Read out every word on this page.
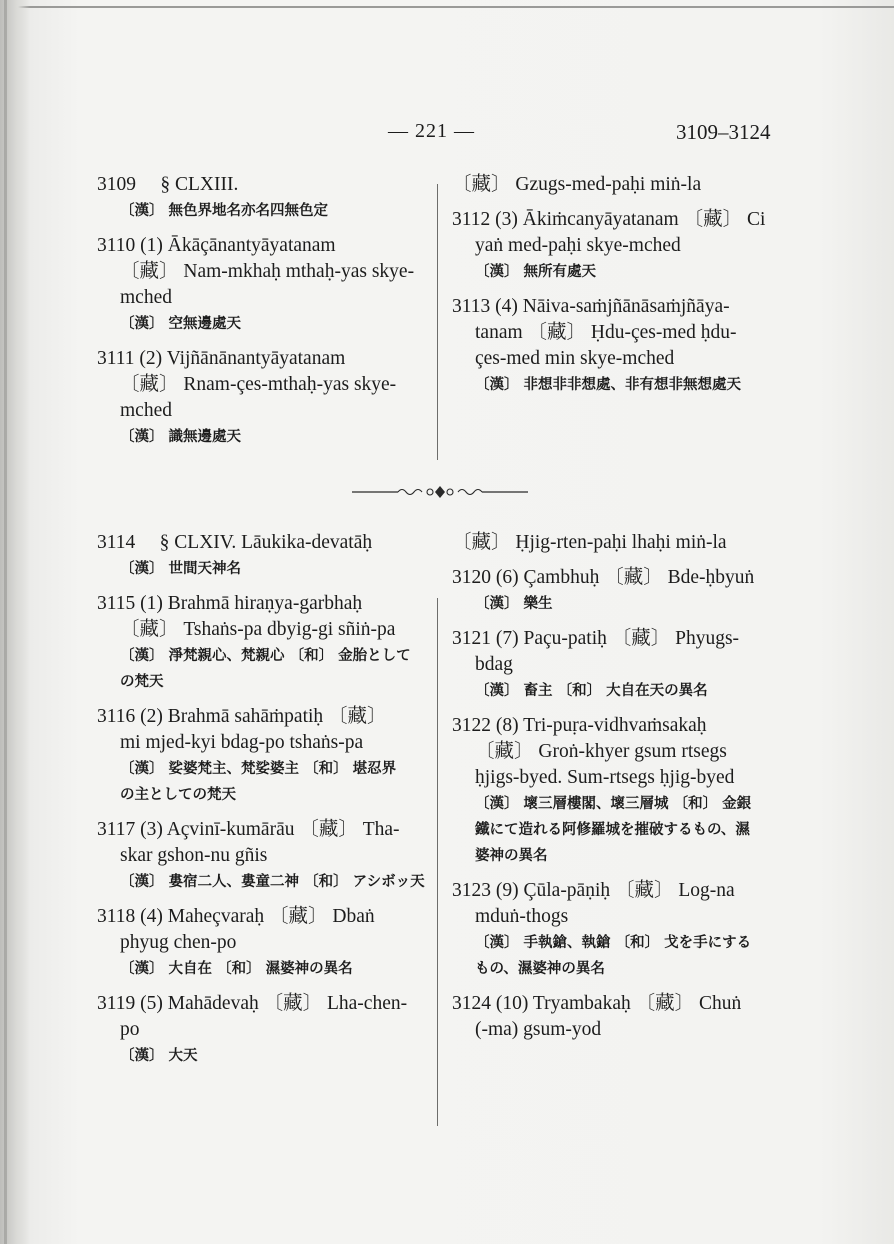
— 221 —	3109–3124
3109　 § CLXIII.
〔漢〕 無色界地名亦名四無色定
3110 (1) Ākāçānantyāyatanam
〔藏〕 Nam-mkhaḥ mthaḥ-yas skye-
mched
〔漢〕 空無邊處天
3111 (2) Vijñānānantyāyatanam
〔藏〕 Rnam-çes-mthaḥ-yas skye-
mched
〔漢〕 識無邊處天
〔藏〕 Gzugs-med-paḥi miṅ-la
3112 (3) Ākiṁcanyāyatanam 〔藏〕 Ci
yaṅ med-paḥi skye-mched
〔漢〕 無所有處天
3113 (4) Nāiva-saṁjñānāsaṁjñāya-
tanam 〔藏〕 Ḥdu-çes-med ḥdu-
çes-med min skye-mched
〔漢〕 非想非非想處、非有想非無想處天
—∞∞⊰∘⊱∞∞—
3114　 § CLXIV. Lāukika-devatāḥ
〔漢〕 世間天神名
3115 (1) Brahmā hiraṇya-garbhaḥ
〔藏〕 Tshaṅs-pa dbyig-gi sñiṅ-pa
〔漢〕 淨梵親心、梵親心 〔和〕 金胎として
の梵天
3116 (2) Brahmā sahāṁpatiḥ 〔藏〕
mi mjed-kyi bdag-po tshaṅs-pa
〔漢〕 娑婆梵主、梵娑婆主 〔和〕 堪忍界
の主としての梵天
3117 (3) Açvinī-kumārāu 〔藏〕 Tha-
skar gshon-nu gñis
〔漢〕 婁宿二人、婁童二神 〔和〕 アシボッ天
3118 (4) Maheçvaraḥ 〔藏〕 Dbaṅ
phyug chen-po
〔漢〕 大自在 〔和〕 濕婆神の異名
3119 (5) Mahādevaḥ 〔藏〕 Lha-chen-
po
〔漢〕 大天
〔藏〕 Ḥjig-rten-paḥi lhaḥi miṅ-la
3120 (6) Çambhuḥ 〔藏〕 Bde-ḥbyuṅ
〔漢〕 樂生
3121 (7) Paçu-patiḥ 〔藏〕 Phyugs-
bdag
〔漢〕 畜主 〔和〕 大自在天の異名
3122 (8) Tri-puṛa-vidhvaṁsakaḥ
〔藏〕 Groṅ-khyer gsum rtsegs
ḥjigs-byed. Sum-rtsegs ḥjig-byed
〔漢〕 壞三層樓閣、壞三層城 〔和〕 金銀
鐵にて造れる阿修羅城を摧破するもの、濕
婆神の異名
3123 (9) Çūla-pāṇiḥ 〔藏〕 Log-na
mduṅ-thogs
〔漢〕 手執鎗、執鎗 〔和〕 戈を手にする
もの、濕婆神の異名
3124 (10) Tryambakaḥ 〔藏〕 Chuṅ
(-ma) gsum-yod
